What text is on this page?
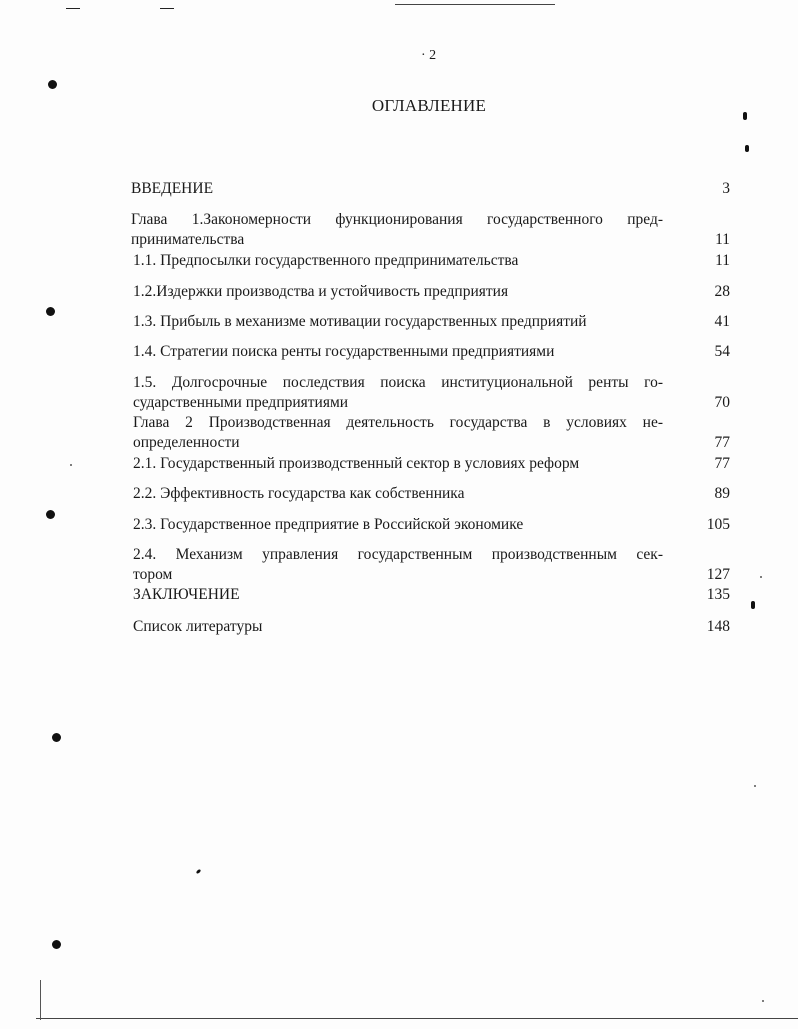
· 2
ОГЛАВЛЕНИЕ
ВВЕДЕНИЕ	3
Глава 1.Закономерности функционирования государственного пред-
принимательства	11
1.1. Предпосылки государственного предпринимательства	11
1.2.Издержки производства и устойчивость предприятия	28
1.3. Прибыль в механизме мотивации государственных предприятий	41
1.4. Стратегии поиска ренты государственными предприятиями	54
1.5. Долгосрочные последствия поиска институциональной ренты го-
сударственными предприятиями	70
Глава 2 Производственная деятельность государства в условиях не-
определенности	77
2.1. Государственный производственный сектор в условиях реформ	77
2.2. Эффективность государства как собственника	89
2.3. Государственное предприятие в Российской экономике	105
2.4. Механизм управления государственным производственным сек-
тором	127
ЗАКЛЮЧЕНИЕ	135
Список литературы	148
